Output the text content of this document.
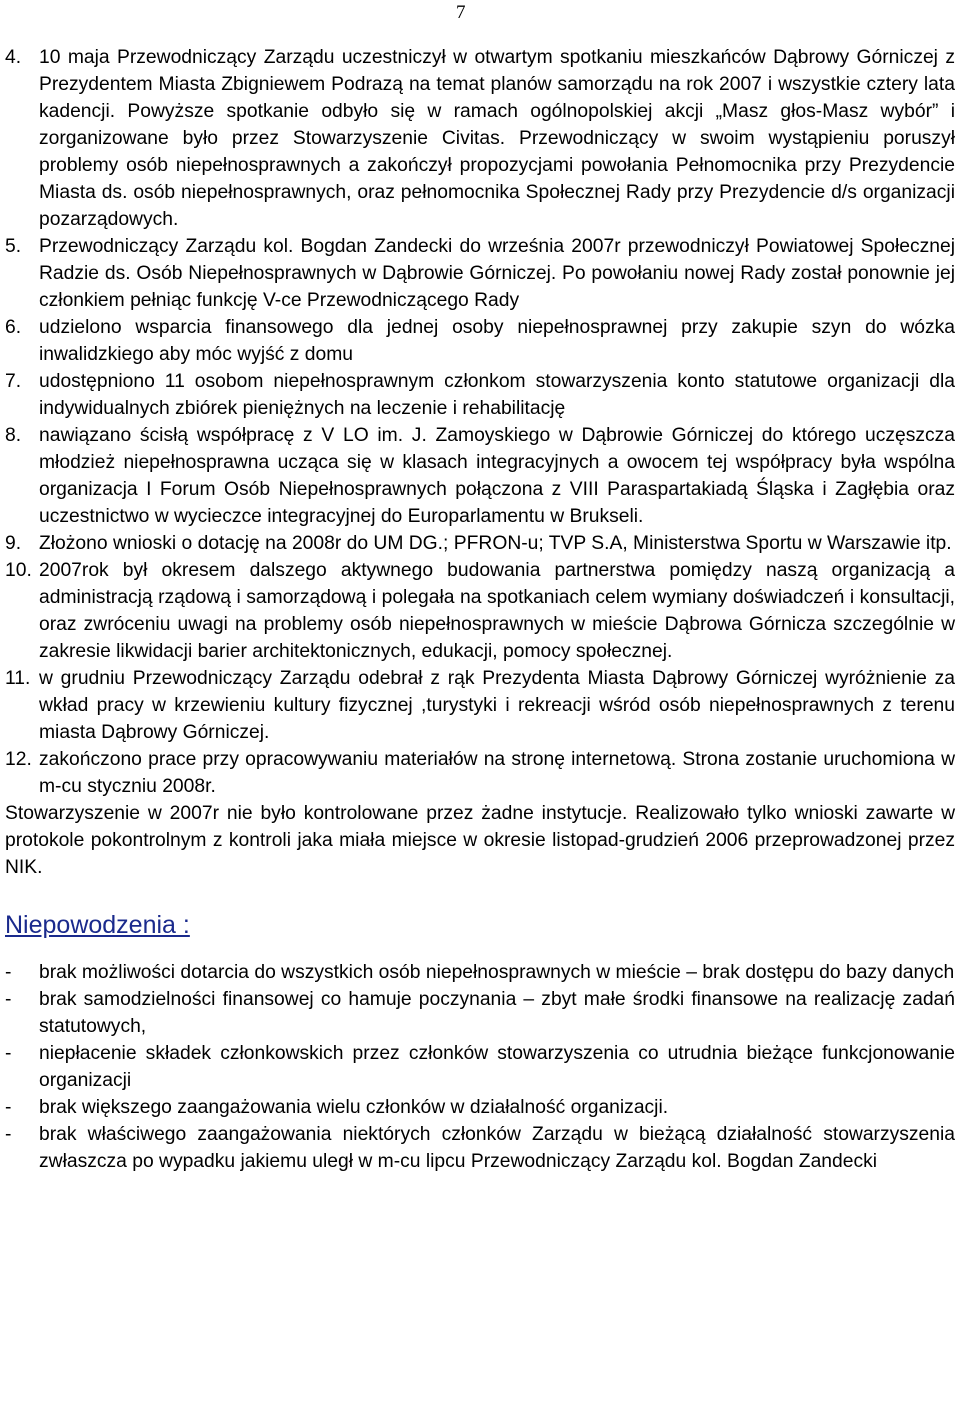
7
4. 10 maja Przewodniczący Zarządu uczestniczył w otwartym spotkaniu mieszkańców Dąbrowy Górniczej z Prezydentem Miasta Zbigniewem Podrazą na temat planów samorządu na rok 2007 i wszystkie cztery lata kadencji. Powyższe spotkanie odbyło się w ramach ogólnopolskiej akcji „Masz głos-Masz wybór” i zorganizowane było przez Stowarzyszenie Civitas. Przewodniczący w swoim wystąpieniu poruszył problemy osób niepełnosprawnych a zakończył propozycjami powołania Pełnomocnika przy Prezydencie Miasta ds. osób niepełnosprawnych, oraz pełnomocnika Społecznej Rady przy Prezydencie d/s organizacji pozarządowych.
5. Przewodniczący Zarządu kol. Bogdan Zandecki do września 2007r przewodniczył Powiatowej Społecznej Radzie ds. Osób Niepełnosprawnych w Dąbrowie Górniczej. Po powołaniu nowej Rady został ponownie jej członkiem pełniąc funkcję V-ce Przewodniczącego Rady
6. udzielono wsparcia finansowego dla jednej osoby niepełnosprawnej przy zakupie szyn do wózka inwalidzkiego aby móc wyjść z domu
7. udostępniono 11 osobom niepełnosprawnym członkom stowarzyszenia konto statutowe organizacji dla indywidualnych zbiórek pieniężnych na leczenie i rehabilitację
8. nawiązano ścisłą współpracę z V LO im. J. Zamoyskiego w Dąbrowie Górniczej do którego uczęszcza młodzież niepełnosprawna ucząca się w klasach integracyjnych a owocem tej współpracy była wspólna organizacja I Forum Osób Niepełnosprawnych połączona z VIII Paraspartakiadą Śląska i Zagłębia oraz uczestnictwo w wycieczce integracyjnej do Europarlamentu w Brukseli.
9. Złożono wnioski o dotację na 2008r do UM DG.; PFRON-u; TVP S.A, Ministerstwa Sportu w Warszawie itp.
10. 2007rok był okresem dalszego aktywnego budowania partnerstwa pomiędzy naszą organizacją a administracją rządową i samorządową i polegała na spotkaniach celem wymiany doświadczeń i konsultacji, oraz zwróceniu uwagi na problemy osób niepełnosprawnych w mieście Dąbrowa Górnicza szczególnie w zakresie likwidacji barier architektonicznych, edukacji, pomocy społecznej.
11. w grudniu Przewodniczący Zarządu odebrał z rąk Prezydenta Miasta Dąbrowy Górniczej wyróżnienie za wkład pracy w krzewieniu kultury fizycznej ,turystyki i rekreacji wśród osób niepełnosprawnych z terenu miasta Dąbrowy Górniczej.
12. zakończono prace przy opracowywaniu materiałów na stronę internetową. Strona zostanie uruchomiona w m-cu styczniu 2008r.
Stowarzyszenie w 2007r nie było kontrolowane przez żadne instytucje. Realizowało tylko wnioski zawarte w protokole pokontrolnym z kontroli jaka miała miejsce w okresie listopad-grudzień 2006 przeprowadzonej przez NIK.
Niepowodzenia :
-	brak możliwości dotarcia do wszystkich osób niepełnosprawnych w mieście – brak dostępu do bazy danych
-	brak samodzielności finansowej co hamuje poczynania – zbyt małe środki finansowe na realizację zadań statutowych,
-	niepłacenie składek członkowskich przez członków stowarzyszenia co utrudnia bieżące funkcjonowanie organizacji
-	brak większego zaangażowania wielu członków w działalność organizacji.
-	brak właściwego zaangażowania niektórych członków Zarządu w bieżącą działalność stowarzyszenia zwłaszcza po wypadku jakiemu uległ w m-cu lipcu Przewodniczący Zarządu kol. Bogdan Zandecki
